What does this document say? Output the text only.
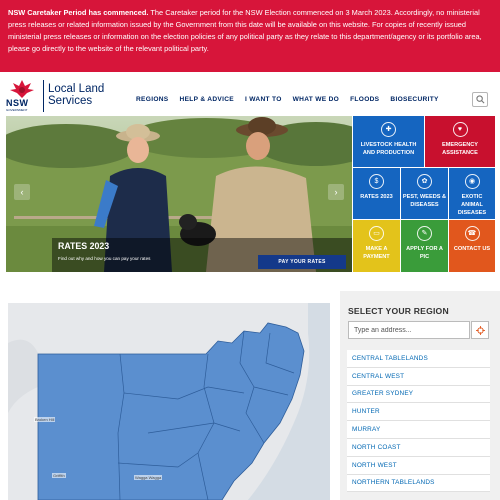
NSW Caretaker Period has commenced. The Caretaker period for the NSW Election commenced on 3 March 2023. Accordingly, no ministerial press releases or related information issued by the Government from this date will be available on this website. For copies of recently issued ministerial press releases or information on the election policies of any political party as they relate to this department/agency or its portfolio area, please go directly to the website of the relevant political party.
NSW
GOVERNMENT
Local Land
Services	REGIONS HELP & ADVICE I WANT TO WHAT WE DO FLOODS BIOSECURITY
‹	›
RATES 2023
Find out why and how you can pay your rates
PAY YOUR RATES
✚
LIVESTOCK HEALTH AND PRODUCTION
♥
EMERGENCY ASSISTANCE
$
RATES 2023
✿
PEST, WEEDS & DISEASES
◉
EXOTIC ANIMAL DISEASES
▭
MAKE A PAYMENT
✎
APPLY FOR A PIC
☎
CONTACT US
Broken Hill
Griffith	Wagga Wagga
SELECT YOUR REGION
Type an address...
CENTRAL TABLELANDS
CENTRAL WEST
GREATER SYDNEY
HUNTER
MURRAY
NORTH COAST
NORTH WEST
NORTHERN TABLELANDS
